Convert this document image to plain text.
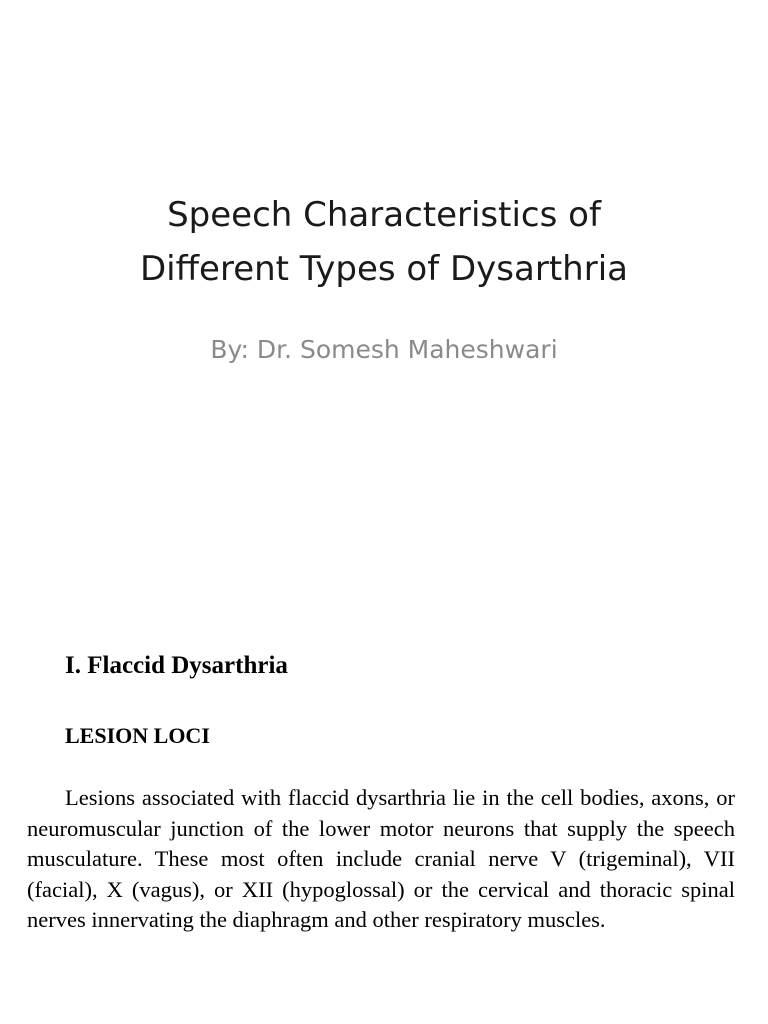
Speech Characteristics of
Different Types of Dysarthria

By: Dr. Somesh Maheshwari

I. Flaccid Dysarthria
LESION LOCI

Lesions associated with flaccid dysarthria lie in the cell bodies, axons, or neuromuscular junction of the lower motor neurons that supply the speech musculature. These most often include cranial nerve V (trigeminal), VII (facial), X (vagus), or XII (hypoglossal) or the cervical and thoracic spinal nerves innervating the diaphragm and other respiratory muscles.
